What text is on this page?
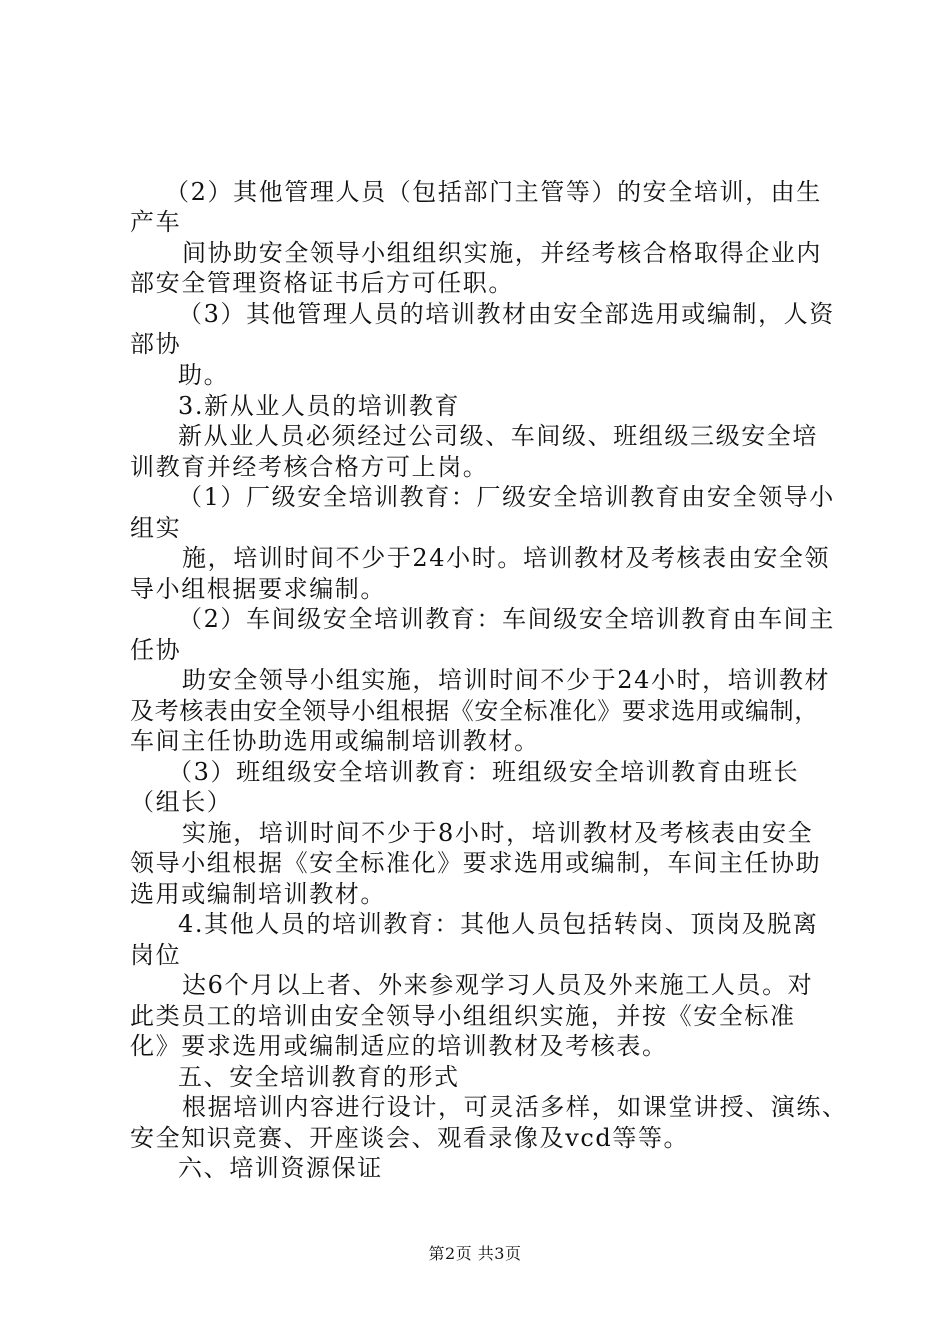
（2）其他管理人员（包括部门主管等）的安全培训，由生
产车
间协助安全领导小组组织实施，并经考核合格取得企业内
部安全管理资格证书后方可任职。
（3）其他管理人员的培训教材由安全部选用或编制，人资
部协
助。
3.新从业人员的培训教育
新从业人员必须经过公司级、车间级、班组级三级安全培
训教育并经考核合格方可上岗。
（1）厂级安全培训教育：厂级安全培训教育由安全领导小
组实
施，培训时间不少于24小时。培训教材及考核表由安全领
导小组根据要求编制。
（2）车间级安全培训教育：车间级安全培训教育由车间主
任协
助安全领导小组实施，培训时间不少于24小时，培训教材
及考核表由安全领导小组根据《安全标准化》要求选用或编制，
车间主任协助选用或编制培训教材。
（3）班组级安全培训教育：班组级安全培训教育由班长
（组长）
实施，培训时间不少于8小时，培训教材及考核表由安全
领导小组根据《安全标准化》要求选用或编制，车间主任协助
选用或编制培训教材。
4.其他人员的培训教育：其他人员包括转岗、顶岗及脱离
岗位
达6个月以上者、外来参观学习人员及外来施工人员。对
此类员工的培训由安全领导小组组织实施，并按《安全标准
化》要求选用或编制适应的培训教材及考核表。
五、安全培训教育的形式
根据培训内容进行设计，可灵活多样，如课堂讲授、演练、
安全知识竞赛、开座谈会、观看录像及vcd等等。
六、培训资源保证
第2页 共3页
